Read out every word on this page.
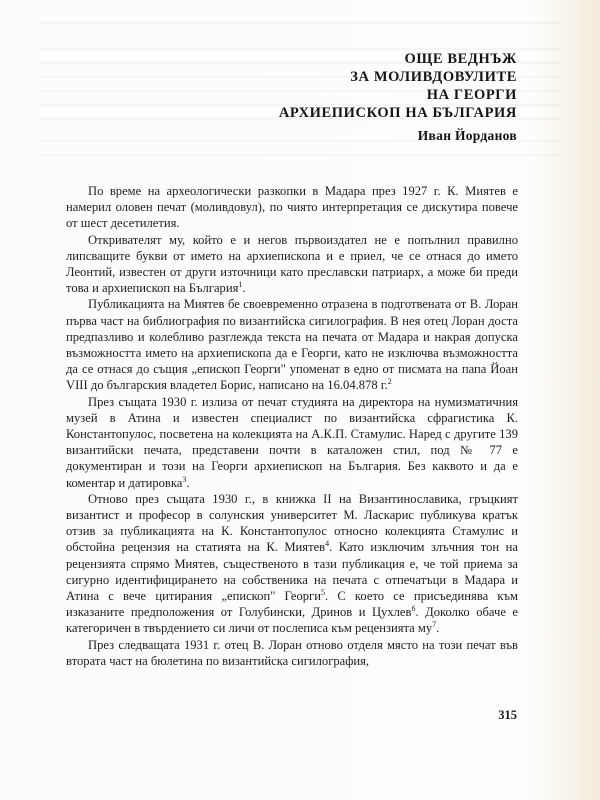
ОЩЕ ВЕДНЪЖ
ЗА МОЛИВДОВУЛИТЕ
НА ГЕОРГИ
АРХИЕПИСКОП НА БЪЛГАРИЯ
Иван Йорданов

По време на археологически разкопки в Мадара през 1927 г. К. Миятев е намерил оловен печат (моливдовул), по чиято интерпретация се дискутира повече от шест десетилетия.

Откривателят му, който е и негов първоиздател не е попълнил правилно липсващите букви от името на архиепископа и е приел, че се отнася до името Леонтий, известен от други източници като преславски патриарх, а може би преди това и архиепископ на България$^1$.

Публикацията на Миятев бе своевременно отразена в подготвената от В. Лоран първа част на библиография по византийска сигилография. В нея отец Лоран доста предпазливо и колебливо разглежда текста на печата от Мадара и накрая допуска възможността името на архиепископа да е Георги, като не изключва възможността да се отнася до същия „епископ Георги" упоменат в едно от писмата на папа Йоан VIII до българския владетел Борис, написано на 16.04.878 г.$^2$

През същата 1930 г. излиза от печат студията на директора на нумизматичния музей в Атина и известен специалист по византийска сфрагистика К. Константопулос, посветена на колекцията на А.К.П. Стамулис. Наред с другите 139 византийски печата, представени почти в каталожен стил, под № 77 е документиран и този на Георги архиепископ на България. Без каквото и да е коментар и датировка$^3$.

Отново през същата 1930 г., в книжка II на Византинославика, гръцкият византист и професор в солунския университет М. Ласкарис публикува кратък отзив за публикацията на К. Константопулос относно колекцията Стамулис и обстойна рецензия на статията на К. Миятев$^4$. Като изключим злъчния тон на рецензията спрямо Миятев, същественото в тази публикация е, че той приема за сигурно идентифицирането на собственика на печата с отпечатъци в Мадара и Атина с вече цитирания „епископ" Георги$^5$. С което се присъединява към изказаните предположения от Голубински, Дринов и Цухлев$^6$. Доколко обаче е категоричен в твърдението си личи от послеписа към рецензията $му^7$.

През следващата 1931 г. отец В. Лоран отново отделя място на този печат във втората част на бюлетина по византийска сигилография,

315
